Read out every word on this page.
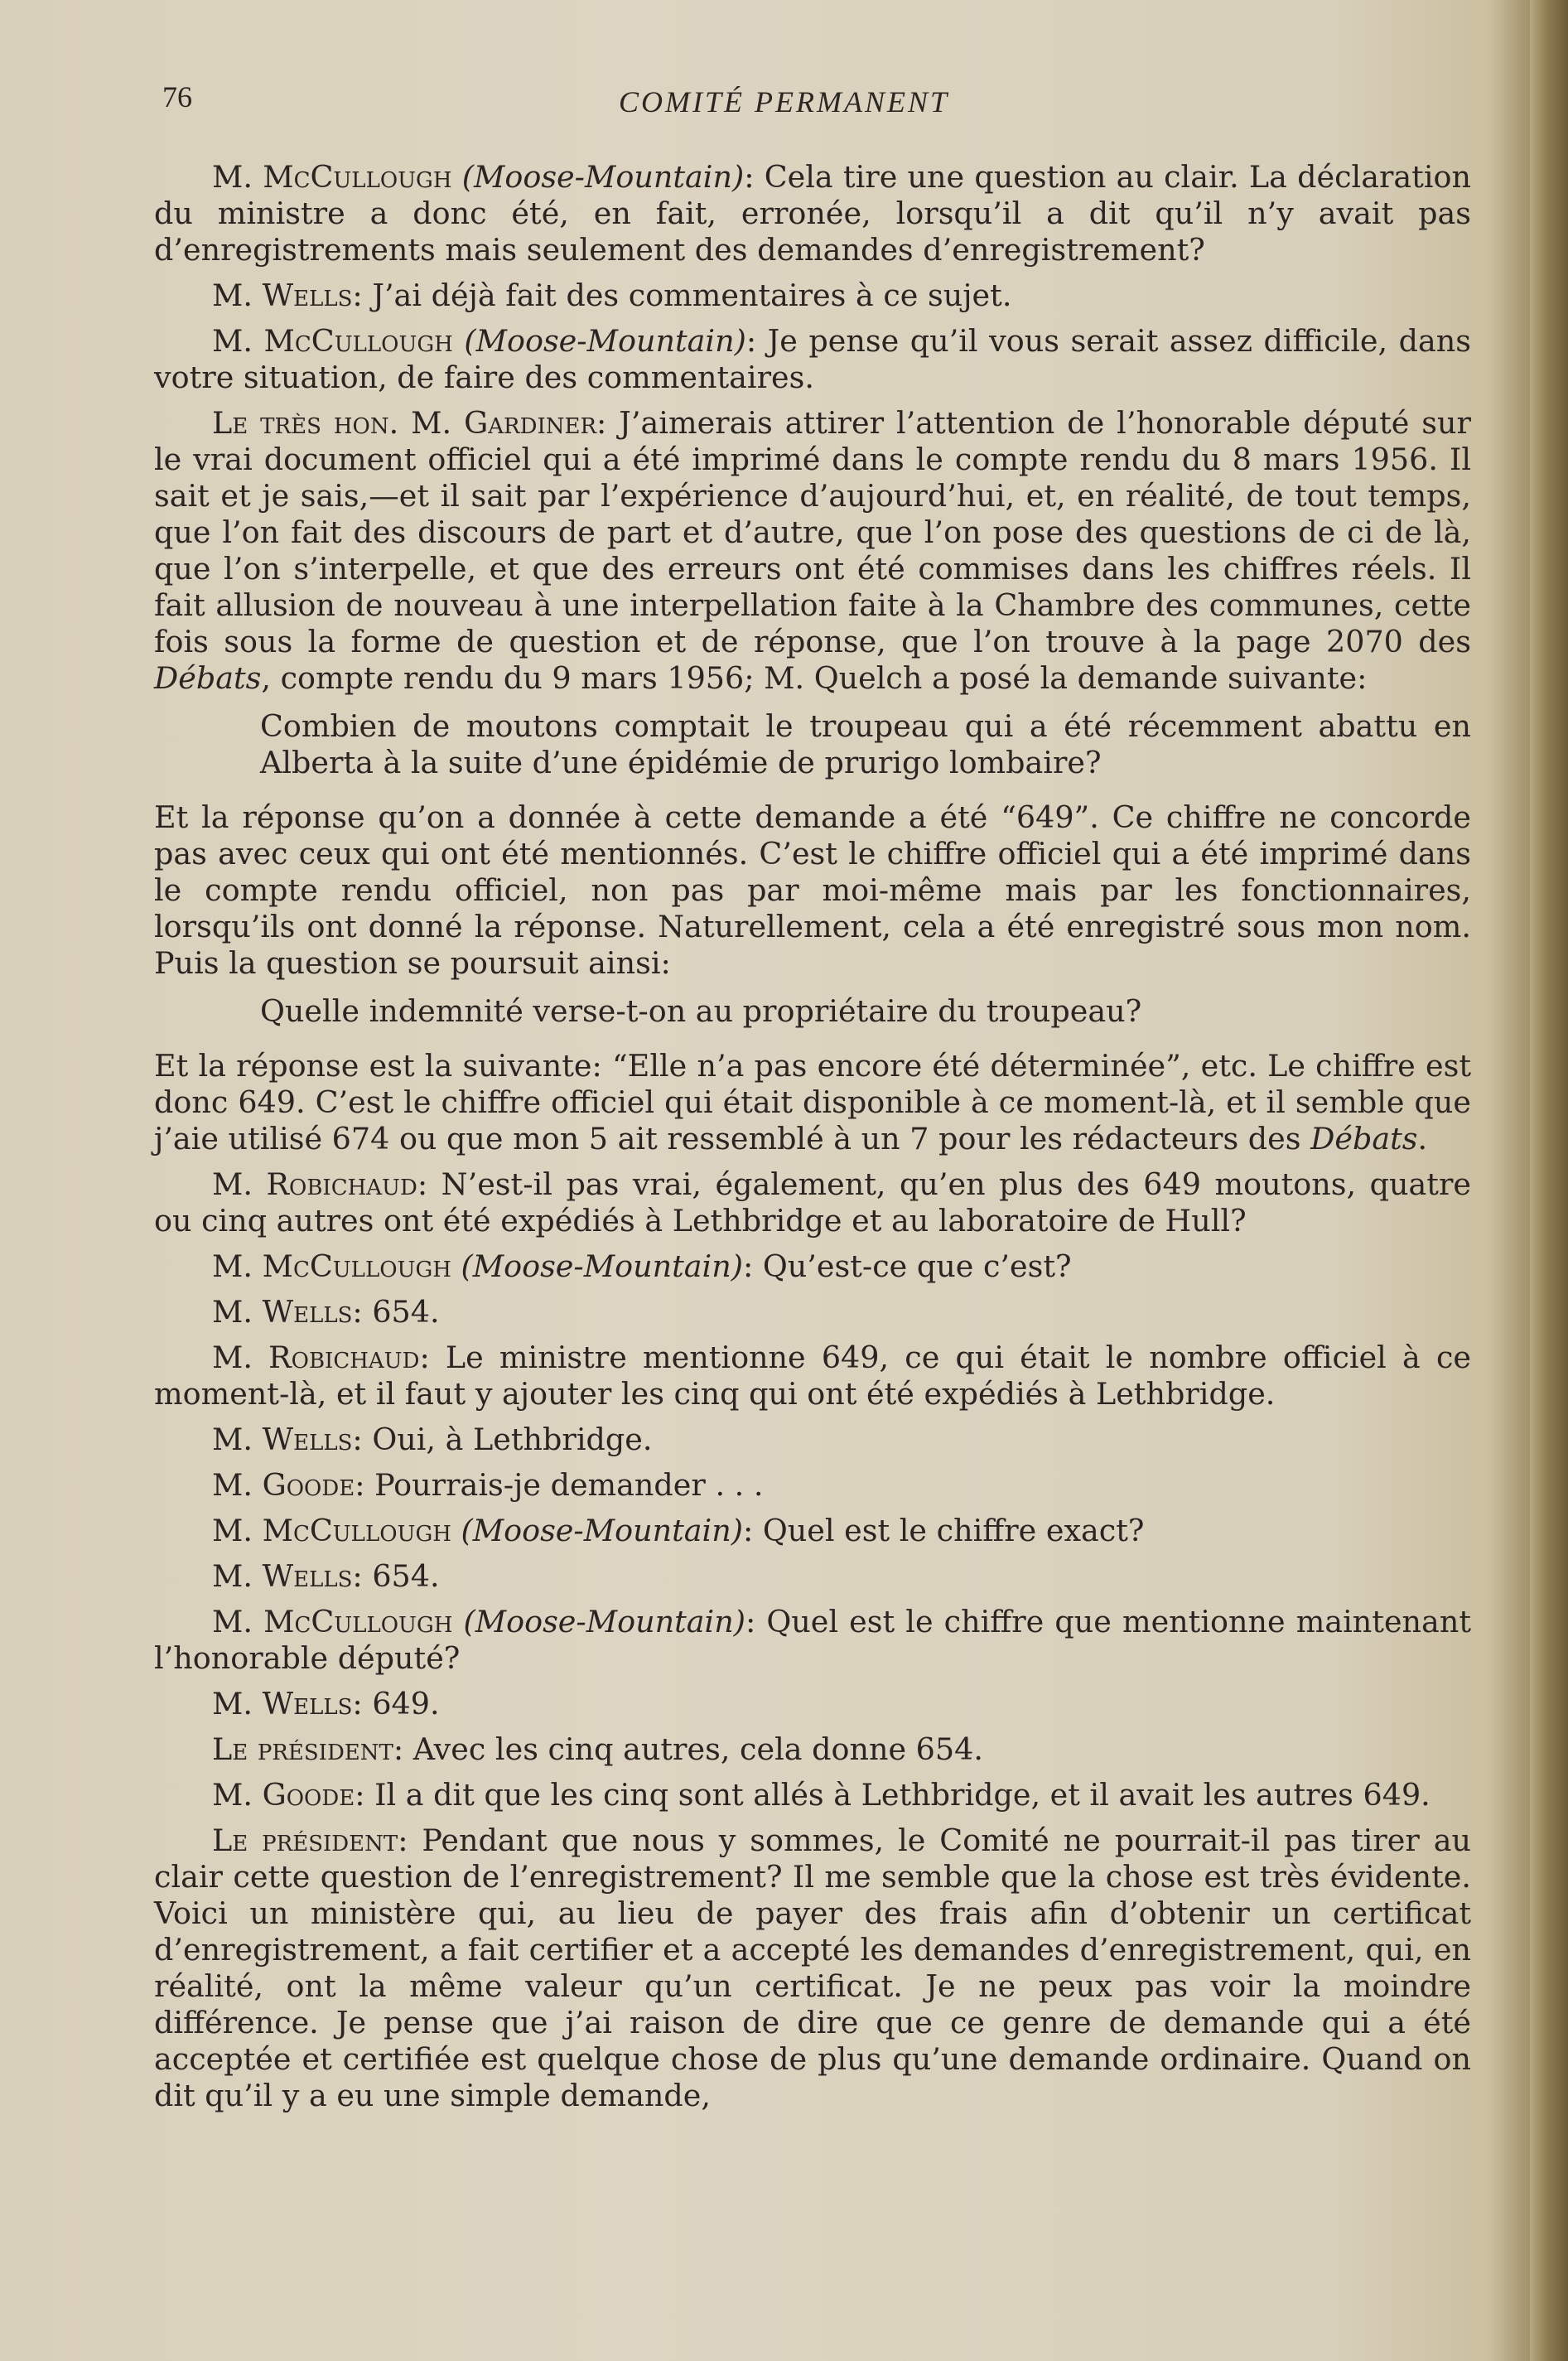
76	COMITÉ PERMANENT

M. McCullough (Moose-Mountain): Cela tire une question au clair. La déclaration du ministre a donc été, en fait, erronée, lorsqu’il a dit qu’il n’y avait pas d’enregistrements mais seulement des demandes d’enregistrement?

M. Wells: J’ai déjà fait des commentaires à ce sujet.

M. McCullough (Moose-Mountain): Je pense qu’il vous serait assez difficile, dans votre situation, de faire des commentaires.

Le très hon. M. Gardiner: J’aimerais attirer l’attention de l’honorable député sur le vrai document officiel qui a été imprimé dans le compte rendu du 8 mars 1956. Il sait et je sais,—et il sait par l’expérience d’aujourd’hui, et, en réalité, de tout temps, que l’on fait des discours de part et d’autre, que l’on pose des questions de ci de là, que l’on s’interpelle, et que des erreurs ont été commises dans les chiffres réels. Il fait allusion de nouveau à une interpellation faite à la Chambre des communes, cette fois sous la forme de question et de réponse, que l’on trouve à la page 2070 des Débats, compte rendu du 9 mars 1956; M. Quelch a posé la demande suivante:

Combien de moutons comptait le troupeau qui a été récemment abattu en Alberta à la suite d’une épidémie de prurigo lombaire?

Et la réponse qu’on a donnée à cette demande a été “649”. Ce chiffre ne concorde pas avec ceux qui ont été mentionnés. C’est le chiffre officiel qui a été imprimé dans le compte rendu officiel, non pas par moi-même mais par les fonctionnaires, lorsqu’ils ont donné la réponse. Naturellement, cela a été enregistré sous mon nom. Puis la question se poursuit ainsi:

Quelle indemnité verse-t-on au propriétaire du troupeau?

Et la réponse est la suivante: “Elle n’a pas encore été déterminée”, etc. Le chiffre est donc 649. C’est le chiffre officiel qui était disponible à ce moment-là, et il semble que j’aie utilisé 674 ou que mon 5 ait ressemblé à un 7 pour les rédacteurs des Débats.

M. Robichaud: N’est-il pas vrai, également, qu’en plus des 649 moutons, quatre ou cinq autres ont été expédiés à Lethbridge et au laboratoire de Hull?

M. McCullough (Moose-Mountain): Qu’est-ce que c’est?

M. Wells: 654.

M. Robichaud: Le ministre mentionne 649, ce qui était le nombre officiel à ce moment-là, et il faut y ajouter les cinq qui ont été expédiés à Lethbridge.

M. Wells: Oui, à Lethbridge.

M. Goode: Pourrais-je demander . . .

M. McCullough (Moose-Mountain): Quel est le chiffre exact?

M. Wells: 654.

M. McCullough (Moose-Mountain): Quel est le chiffre que mentionne maintenant l’honorable député?

M. Wells: 649.

Le président: Avec les cinq autres, cela donne 654.

M. Goode: Il a dit que les cinq sont allés à Lethbridge, et il avait les autres 649.

Le président: Pendant que nous y sommes, le Comité ne pourrait-il pas tirer au clair cette question de l’enregistrement? Il me semble que la chose est très évidente. Voici un ministère qui, au lieu de payer des frais afin d’obtenir un certificat d’enregistrement, a fait certifier et a accepté les demandes d’enregistrement, qui, en réalité, ont la même valeur qu’un certificat. Je ne peux pas voir la moindre différence. Je pense que j’ai raison de dire que ce genre de demande qui a été acceptée et certifiée est quelque chose de plus qu’une demande ordinaire. Quand on dit qu’il y a eu une simple demande,
